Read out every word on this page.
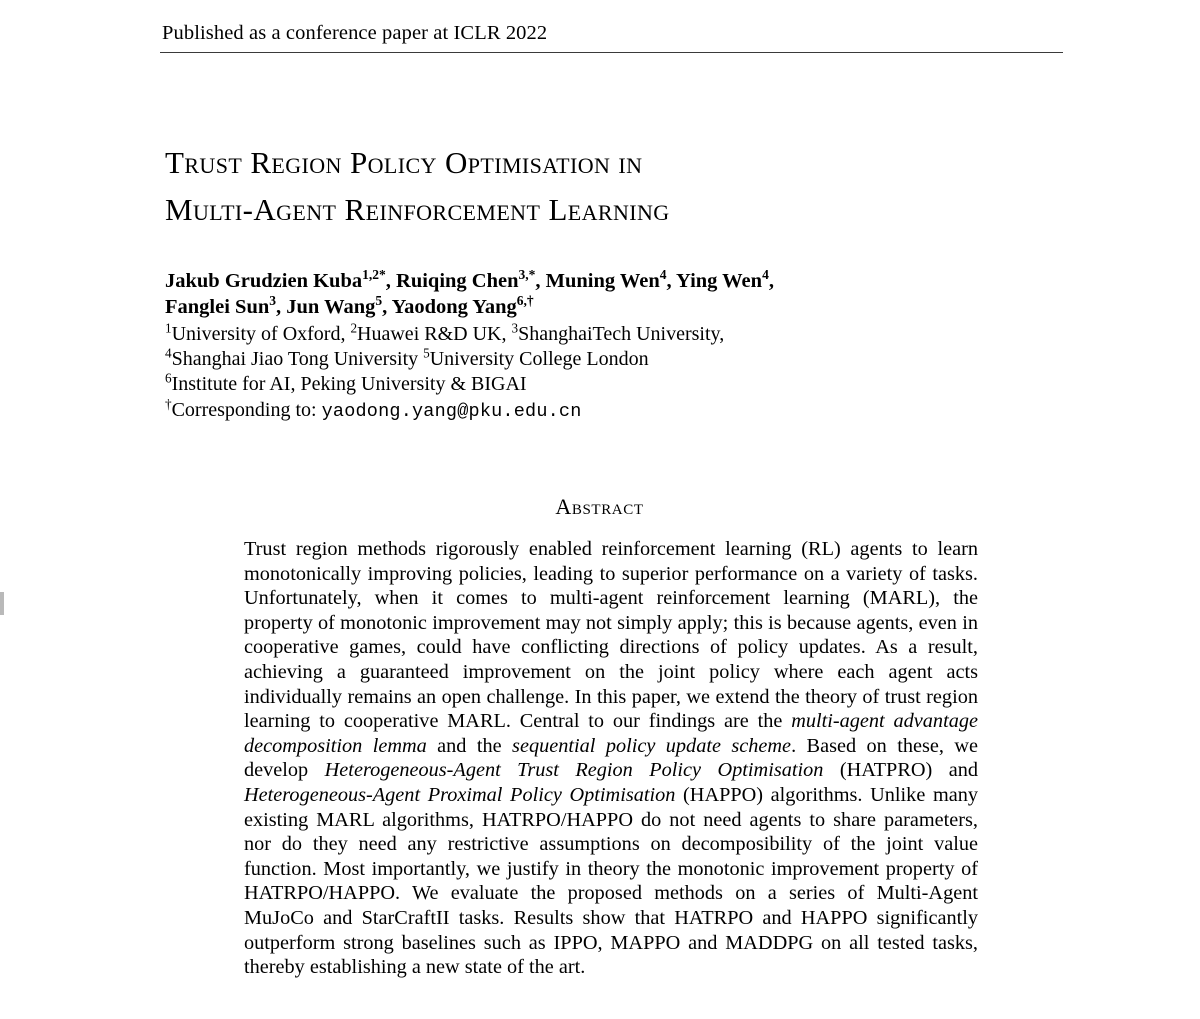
Published as a conference paper at ICLR 2022
Trust Region Policy Optimisation in
Multi-Agent Reinforcement Learning
Jakub Grudzien Kuba$^{1,2*}$, Ruiqing Chen$^{3,*}$, Muning Wen$^4$, Ying Wen$^4$,
Fanglei Sun$^3$, Jun Wang$^5$, Yaodong Yang$^{6,\dagger}$
$^1$University of Oxford, $^2$Huawei R&D UK, $^3$ShanghaiTech University,
$^4$Shanghai Jiao Tong University $^5$University College London
$^6$Institute for AI, Peking University & BIGAI
†Corresponding to: yaodong.yang@pku.edu.cn
Abstract
Trust region methods rigorously enabled reinforcement learning (RL) agents to learn monotonically improving policies, leading to superior performance on a variety of tasks. Unfortunately, when it comes to multi-agent reinforcement learning (MARL), the property of monotonic improvement may not simply apply; this is because agents, even in cooperative games, could have conflicting directions of policy updates. As a result, achieving a guaranteed improvement on the joint policy where each agent acts individually remains an open challenge. In this paper, we extend the theory of trust region learning to cooperative MARL. Central to our findings are the multi-agent advantage decomposition lemma and the sequential policy update scheme. Based on these, we develop Heterogeneous-Agent Trust Region Policy Optimisation (HATPRO) and Heterogeneous-Agent Proximal Policy Optimisation (HAPPO) algorithms. Unlike many existing MARL algorithms, HATRPO/HAPPO do not need agents to share parameters, nor do they need any restrictive assumptions on decomposibility of the joint value function. Most importantly, we justify in theory the monotonic improvement property of HATRPO/HAPPO. We evaluate the proposed methods on a series of Multi-Agent MuJoCo and StarCraftII tasks. Results show that HATRPO and HAPPO significantly outperform strong baselines such as IPPO, MAPPO and MADDPG on all tested tasks, thereby establishing a new state of the art.
